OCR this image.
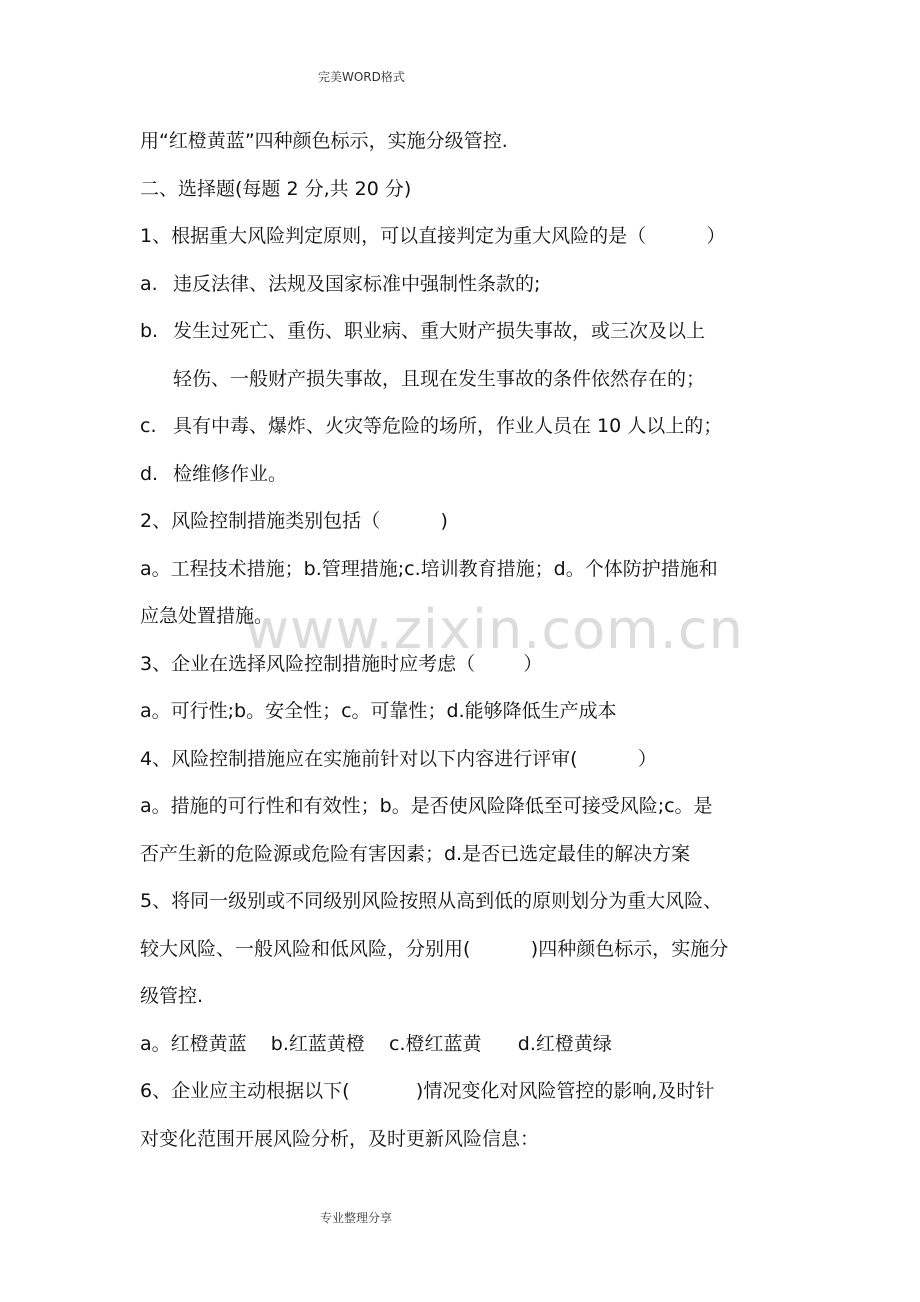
完美WORD格式
www.zixin.com.cn

用“红橙黄蓝”四种颜色标示，实施分级管控.

二、选择题(每题 2 分,共 20 分)

1、根据重大风险判定原则，可以直接判定为重大风险的是（          ）

a. 违反法律、法规及国家标准中强制性条款的;
b. 发生过死亡、重伤、职业病、重大财产损失事故，或三次及以上

轻伤、一般财产损失事故，且现在发生事故的条件依然存在的；

c. 具有中毒、爆炸、火灾等危险的场所，作业人员在 10 人以上的；
d. 检维修作业。

2、风险控制措施类别包括（          )

a。工程技术措施；b.管理措施;c.培训教育措施；d。个体防护措施和

应急处置措施。

3、企业在选择风险控制措施时应考虑（        ）

a。可行性;b。安全性；c。可靠性；d.能够降低生产成本

4、风险控制措施应在实施前针对以下内容进行评审(          ）

a。措施的可行性和有效性；b。是否使风险降低至可接受风险;c。是

否产生新的危险源或危险有害因素；d.是否已选定最佳的解决方案

5、将同一级别或不同级别风险按照从高到低的原则划分为重大风险、

较大风险、一般风险和低风险，分别用(          )四种颜色标示，实施分

级管控.

a。红橙黄蓝    b.红蓝黄橙    c.橙红蓝黄      d.红橙黄绿

6、企业应主动根据以下(           )情况变化对风险管控的影响,及时针

对变化范围开展风险分析，及时更新风险信息：

专业整理分享
